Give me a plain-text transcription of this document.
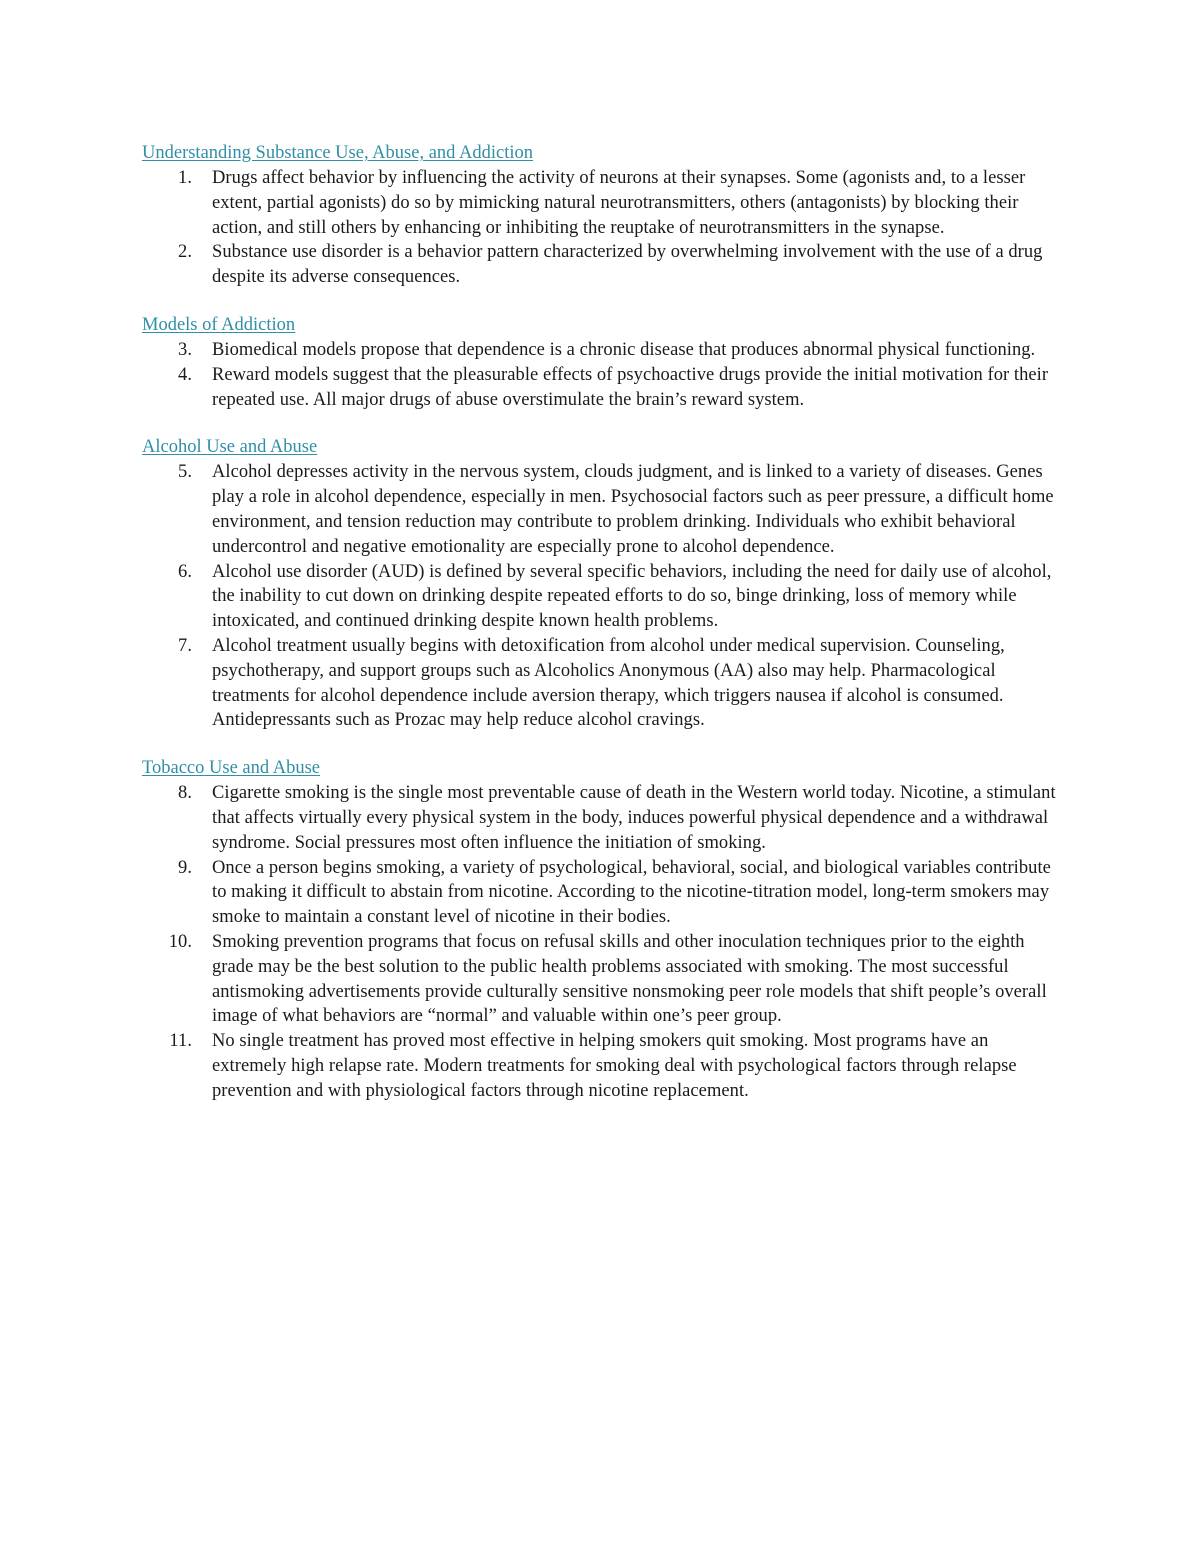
Understanding Substance Use, Abuse, and Addiction
1. Drugs affect behavior by influencing the activity of neurons at their synapses. Some (agonists and, to a lesser extent, partial agonists) do so by mimicking natural neurotransmitters, others (antagonists) by blocking their action, and still others by enhancing or inhibiting the reuptake of neurotransmitters in the synapse.
2. Substance use disorder is a behavior pattern characterized by overwhelming involvement with the use of a drug despite its adverse consequences.
Models of Addiction
3. Biomedical models propose that dependence is a chronic disease that produces abnormal physical functioning.
4. Reward models suggest that the pleasurable effects of psychoactive drugs provide the initial motivation for their repeated use. All major drugs of abuse overstimulate the brain’s reward system.
Alcohol Use and Abuse
5. Alcohol depresses activity in the nervous system, clouds judgment, and is linked to a variety of diseases. Genes play a role in alcohol dependence, especially in men. Psychosocial factors such as peer pressure, a difficult home environment, and tension reduction may contribute to problem drinking. Individuals who exhibit behavioral undercontrol and negative emotionality are especially prone to alcohol dependence.
6. Alcohol use disorder (AUD) is defined by several specific behaviors, including the need for daily use of alcohol, the inability to cut down on drinking despite repeated efforts to do so, binge drinking, loss of memory while intoxicated, and continued drinking despite known health problems.
7. Alcohol treatment usually begins with detoxification from alcohol under medical supervision. Counseling, psychotherapy, and support groups such as Alcoholics Anonymous (AA) also may help. Pharmacological treatments for alcohol dependence include aversion therapy, which triggers nausea if alcohol is consumed. Antidepressants such as Prozac may help reduce alcohol cravings.
Tobacco Use and Abuse
8. Cigarette smoking is the single most preventable cause of death in the Western world today. Nicotine, a stimulant that affects virtually every physical system in the body, induces powerful physical dependence and a withdrawal syndrome. Social pressures most often influence the initiation of smoking.
9. Once a person begins smoking, a variety of psychological, behavioral, social, and biological variables contribute to making it difficult to abstain from nicotine. According to the nicotine-titration model, long-term smokers may smoke to maintain a constant level of nicotine in their bodies.
10. Smoking prevention programs that focus on refusal skills and other inoculation techniques prior to the eighth grade may be the best solution to the public health problems associated with smoking. The most successful antismoking advertisements provide culturally sensitive nonsmoking peer role models that shift people’s overall image of what behaviors are “normal” and valuable within one’s peer group.
11. No single treatment has proved most effective in helping smokers quit smoking. Most programs have an extremely high relapse rate. Modern treatments for smoking deal with psychological factors through relapse prevention and with physiological factors through nicotine replacement.
